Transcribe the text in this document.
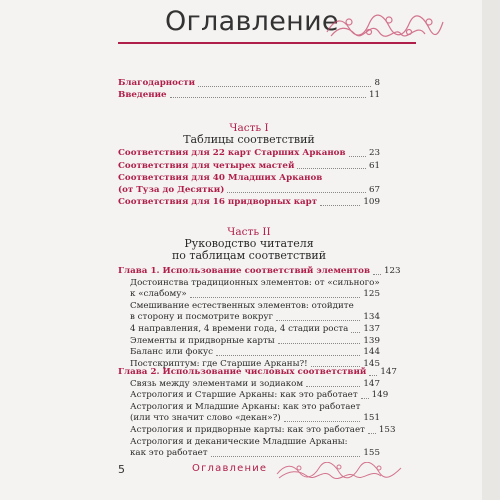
Оглавление
Благодарности	8
Введение	11
Часть I
Таблицы соответствий
Соответствия для 22 карт Старших Арканов	23
Соответствия для четырех мастей	61
Соответствия для 40 Младших Арканов
(от Туза до Десятки)	67
Соответствия для 16 придворных карт	109
Часть II
Руководство читателя
по таблицам соответствий
Глава 1. Использование соответствий элементов 123
Достоинства традиционных элементов: от «сильного»
к «слабому»	125
Смешивание естественных элементов: отойдите
в сторону и посмотрите вокруг	134
4 направления, 4 времени года, 4 стадии роста 137
Элементы и придворные карты	139
Баланс или фокус	144
Постскриптум: где Старшие Арканы?!	145
Глава 2. Использование числовых соответствий 147
Связь между элементами и зодиаком	147
Астрология и Старшие Арканы: как это работает 149
Астрология и Младшие Арканы: как это работает
(или что значит слово «декан»?)	151
Астрология и придворные карты: как это работает 153
Астрология и деканические Младшие Арканы:
как это работает	155
5	Оглавление
